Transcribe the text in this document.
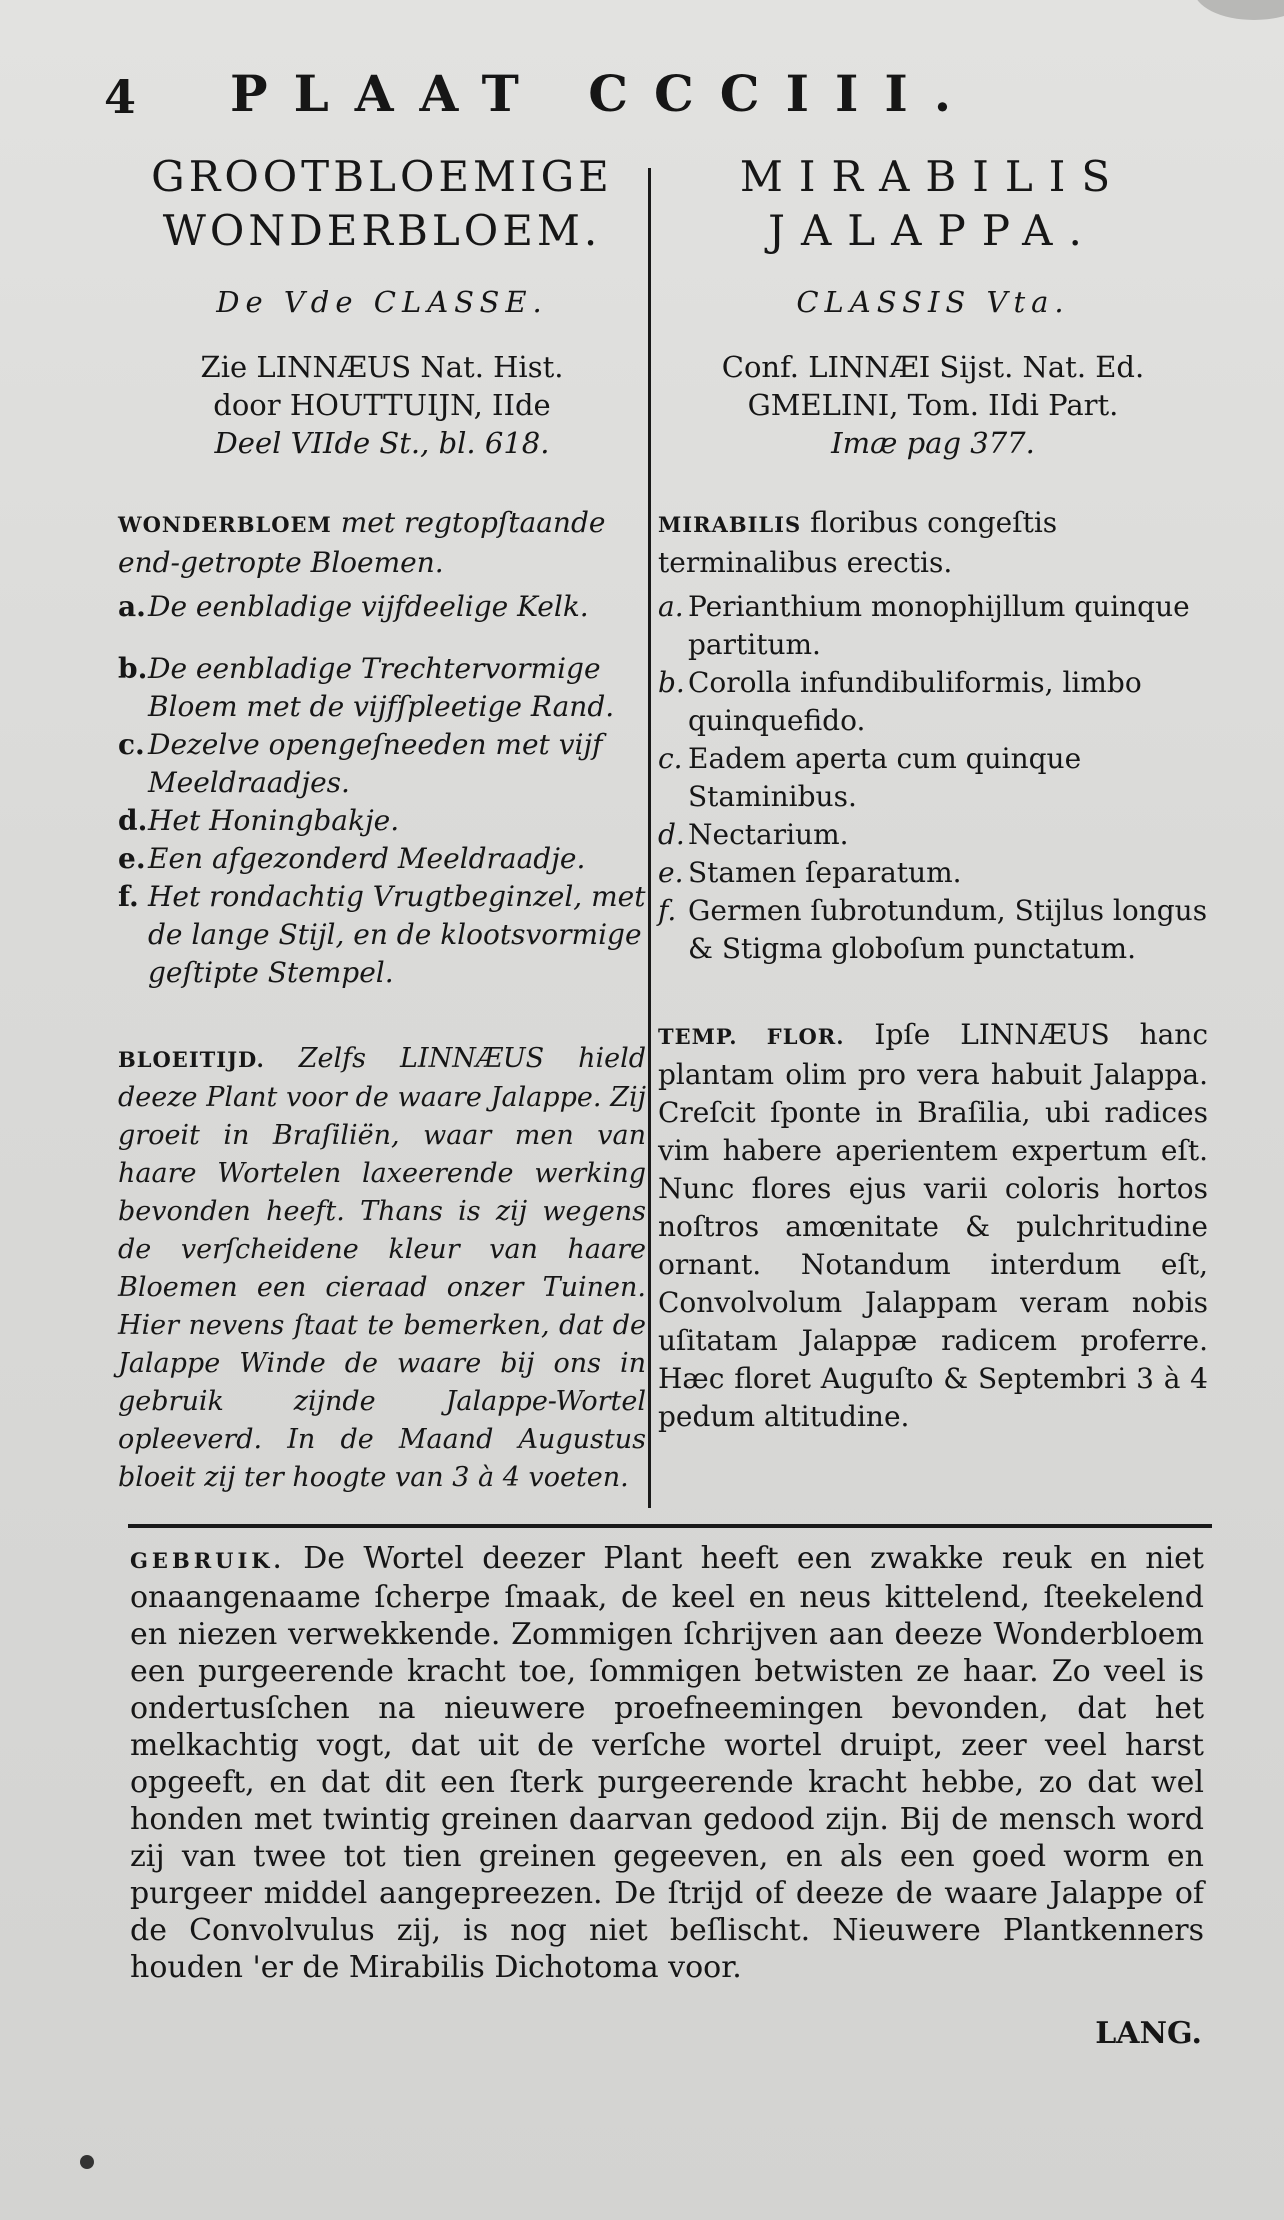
4 PLAAT CCCIII.

GROOTBLOEMIGE

WONDERBLOEM.

De Vde CLASSE.

Zie LINNÆUS Nat. Hist.
door HOUTTUIJN, IIde
Deel VIIde St., bl. 618.
WONDERBLOEM met regtopſtaande end-getropte Bloemen.
a. De eenbladige vijfdeelige Kelk.
b. De eenbladige Trechtervormige Bloem met de vijfſpleetige Rand.
c. Dezelve opengeſneeden met vijf Meeldraadjes.
d. Het Honingbakje.
e. Een afgezonderd Meeldraadje.
f. Het rondachtig Vrugtbeginzel, met de lange Stijl, en de klootsvormige geſtipte Stempel.
BLOEITIJD. Zelfs LINNÆUS hield deeze Plant voor de waare Jalappe. Zij groeit in Braſiliën, waar men van haare Wortelen laxeerende werking bevonden heeft. Thans is zij wegens de verſcheidene kleur van haare Bloemen een cieraad onzer Tuinen. Hier nevens ſtaat te bemerken, dat de Jalappe Winde de waare bij ons in gebruik zijnde Jalappe-Wortel opleeverd. In de Maand Augustus bloeit zij ter hoogte van 3 à 4 voeten.

MIRABILIS

JALAPPA.

CLASSIS Vta.

Conf. LINNÆI Sijst. Nat. Ed.
GMELINI, Tom. IIdi Part.
Imæ pag 377.
MIRABILIS floribus congeſtis terminalibus erectis.
a. Perianthium monophijllum quinque partitum.
b. Corolla infundibuliformis, limbo quinquefido.
c. Eadem aperta cum quinque Staminibus.
d. Nectarium.
e. Stamen ſeparatum.
f. Germen ſubrotundum, Stijlus longus & Stigma globoſum punctatum.
TEMP. FLOR. Ipſe LINNÆUS hanc plantam olim pro vera habuit Jalappa. Creſcit ſponte in Braſilia, ubi radices vim habere aperientem expertum eſt. Nunc flores ejus varii coloris hortos noſtros amœnitate & pulchritudine ornant. Notandum interdum eſt, Convolvolum Jalappam veram nobis uſitatam Jalappæ radicem proferre. Hæc floret Auguſto & Septembri 3 à 4 pedum altitudine.
GEBRUIK. De Wortel deezer Plant heeft een zwakke reuk en niet onaangenaame ſcherpe ſmaak, de keel en neus kittelend, ſteekelend en niezen verwekkende. Zommigen ſchrijven aan deeze Wonderbloem een purgeerende kracht toe, ſommigen betwisten ze haar. Zo veel is ondertusſchen na nieuwere proefneemingen bevonden, dat het melkachtig vogt, dat uit de verſche wortel druipt, zeer veel harst opgeeft, en dat dit een ſterk purgeerende kracht hebbe, zo dat wel honden met twintig greinen daarvan gedood zijn. Bij de mensch word zij van twee tot tien greinen gegeeven, en als een goed worm en purgeer middel aangepreezen. De ſtrijd of deeze de waare Jalappe of de Convolvulus zij, is nog niet beſlischt. Nieuwere Plantkenners houden 'er de Mirabilis Dichotoma voor.
LANG.
